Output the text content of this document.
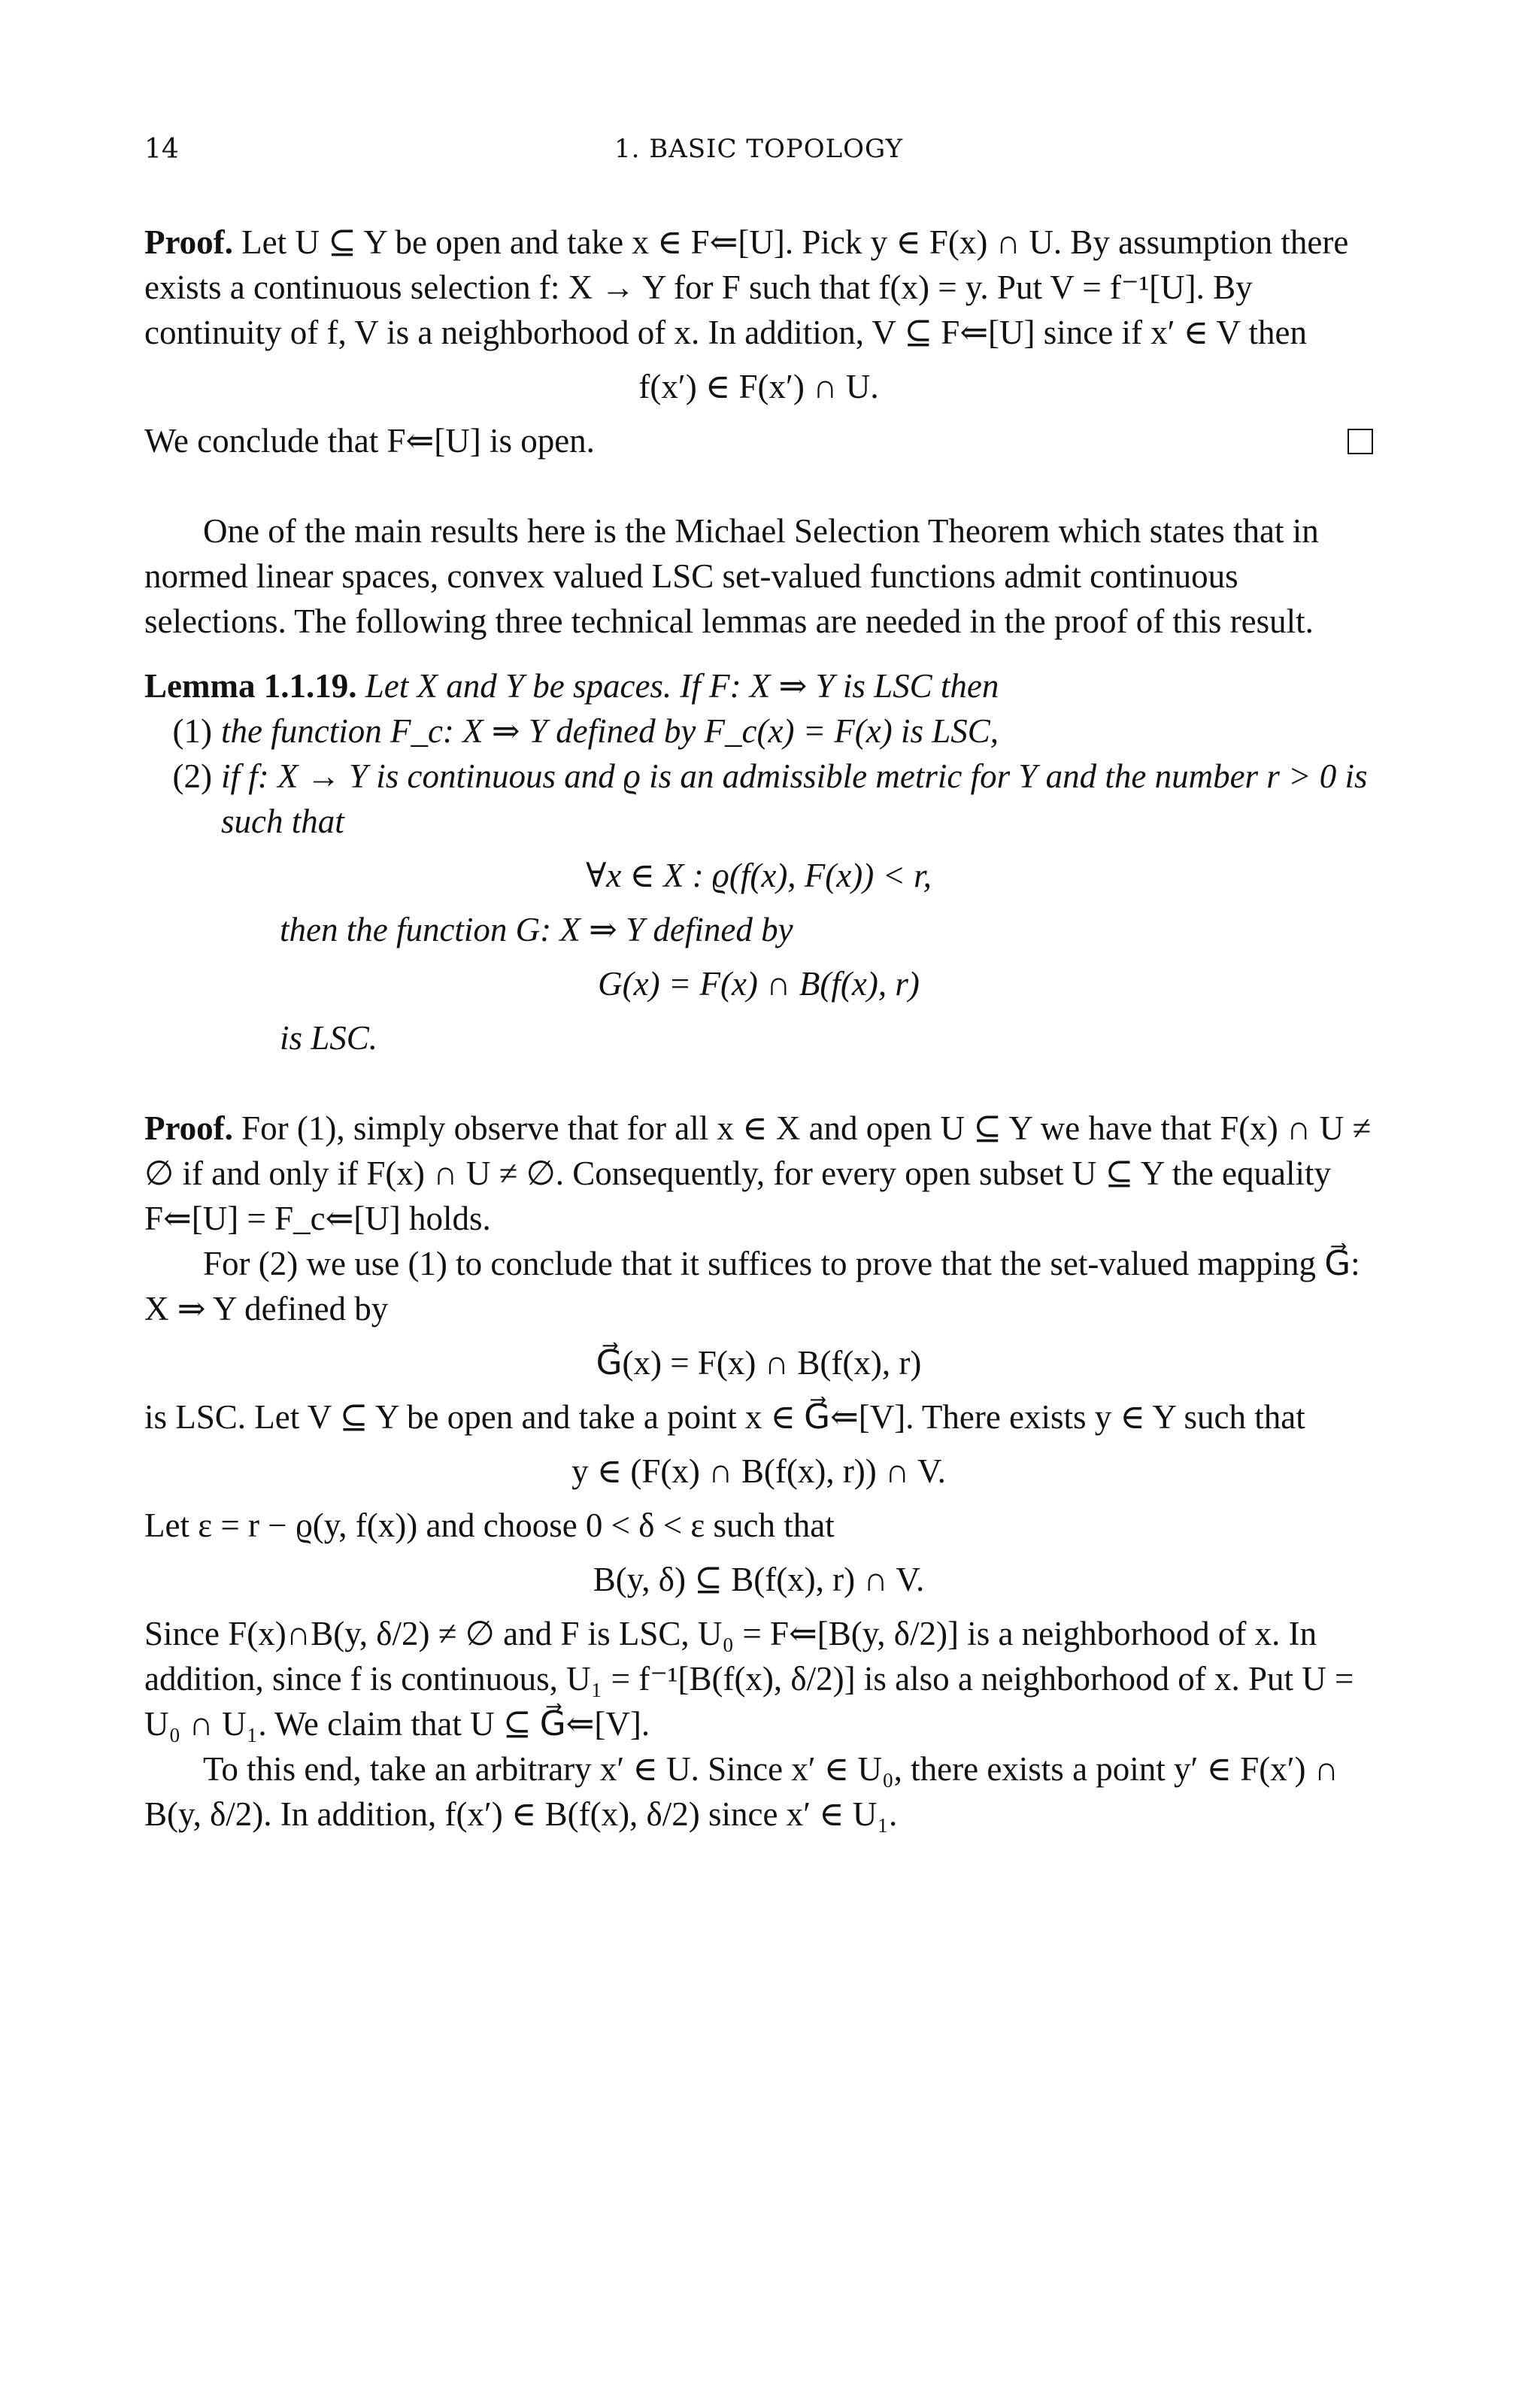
14	1. BASIC TOPOLOGY

Proof. Let U ⊆ Y be open and take x ∈ F⇐[U]. Pick y ∈ F(x) ∩ U. By assumption there exists a continuous selection f: X → Y for F such that f(x) = y. Put V = f⁻¹[U]. By continuity of f, V is a neighborhood of x. In addition, V ⊆ F⇐[U] since if x′ ∈ V then

f(x′) ∈ F(x′) ∩ U.

We conclude that F⇐[U] is open.

One of the main results here is the Michael Selection Theorem which states that in normed linear spaces, convex valued LSC set-valued functions admit continuous selections. The following three technical lemmas are needed in the proof of this result.

Lemma 1.1.19. Let X and Y be spaces. If F: X ⇒ Y is LSC then

(1) the function F_c: X ⇒ Y defined by F_c(x) = F(x) is LSC,
(2) if f: X → Y is continuous and ϱ is an admissible metric for Y and the number r > 0 is such that

∀x ∈ X : ϱ(f(x), F(x)) < r,

then the function G: X ⇒ Y defined by

G(x) = F(x) ∩ B(f(x), r)

is LSC.

Proof. For (1), simply observe that for all x ∈ X and open U ⊆ Y we have that F(x) ∩ U ≠ ∅ if and only if F(x) ∩ U ≠ ∅. Consequently, for every open subset U ⊆ Y the equality F⇐[U] = F_c⇐[U] holds.

For (2) we use (1) to conclude that it suffices to prove that the set-valued mapping G⃗: X ⇒ Y defined by

G⃗(x) = F(x) ∩ B(f(x), r)

is LSC. Let V ⊆ Y be open and take a point x ∈ G⃗⇐[V]. There exists y ∈ Y such that

y ∈ (F(x) ∩ B(f(x), r)) ∩ V.

Let ε = r − ϱ(y, f(x)) and choose 0 < δ < ε such that

B(y, δ) ⊆ B(f(x), r) ∩ V.

Since F(x)∩B(y, δ/2) ≠ ∅ and F is LSC, U₀ = F⇐[B(y, δ/2)] is a neighborhood of x. In addition, since f is continuous, U₁ = f⁻¹[B(f(x), δ/2)] is also a neighborhood of x. Put U = U₀ ∩ U₁. We claim that U ⊆ G⃗⇐[V].

To this end, take an arbitrary x′ ∈ U. Since x′ ∈ U₀, there exists a point y′ ∈ F(x′) ∩ B(y, δ/2). In addition, f(x′) ∈ B(f(x), δ/2) since x′ ∈ U₁.
